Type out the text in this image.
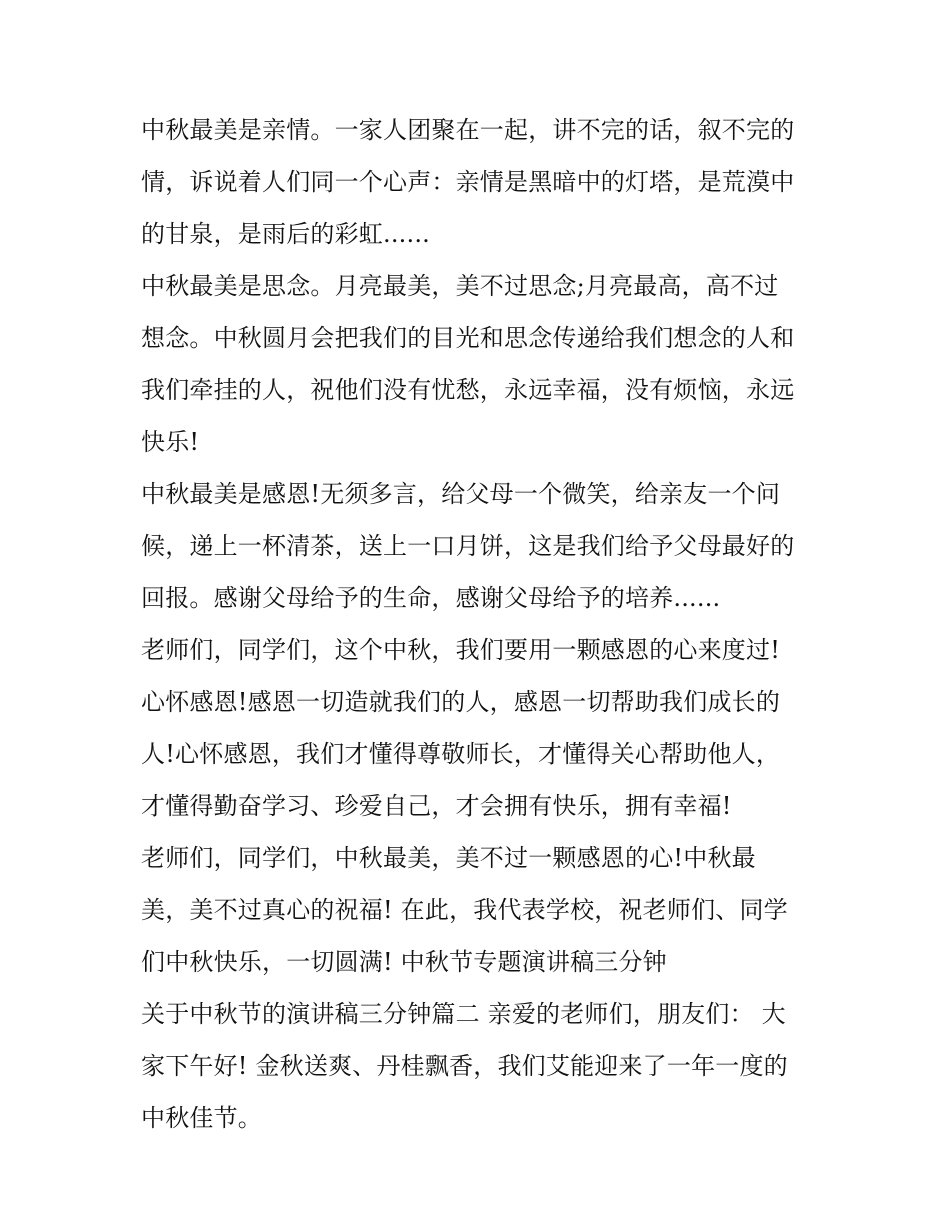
中秋最美是亲情。一家人团聚在一起，讲不完的话，叙不完的
情，诉说着人们同一个心声：亲情是黑暗中的灯塔，是荒漠中
的甘泉，是雨后的彩虹......
中秋最美是思念。月亮最美，美不过思念;月亮最高，高不过
想念。中秋圆月会把我们的目光和思念传递给我们想念的人和
我们牵挂的人，祝他们没有忧愁，永远幸福，没有烦恼，永远
快乐!
中秋最美是感恩!无须多言，给父母一个微笑，给亲友一个问
候，递上一杯清茶，送上一口月饼，这是我们给予父母最好的
回报。感谢父母给予的生命，感谢父母给予的培养......
老师们，同学们，这个中秋，我们要用一颗感恩的心来度过!
心怀感恩!感恩一切造就我们的人，感恩一切帮助我们成长的
人!心怀感恩，我们才懂得尊敬师长，才懂得关心帮助他人，
才懂得勤奋学习、珍爱自己，才会拥有快乐，拥有幸福!
老师们，同学们，中秋最美，美不过一颗感恩的心!中秋最
美，美不过真心的祝福! 在此，我代表学校，祝老师们、同学
们中秋快乐，一切圆满! 中秋节专题演讲稿三分钟
关于中秋节的演讲稿三分钟篇二 亲爱的老师们，朋友们： 大
家下午好! 金秋送爽、丹桂飘香，我们艾能迎来了一年一度的
中秋佳节。
